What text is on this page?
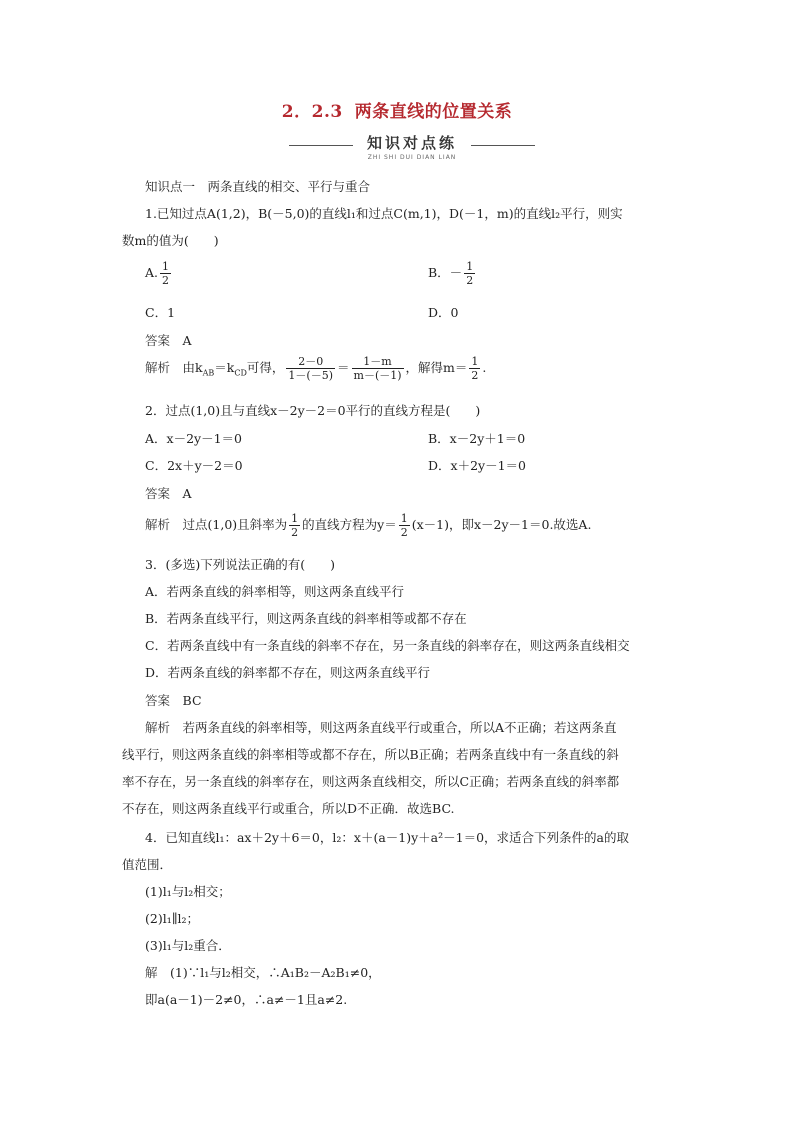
2．2.3 两条直线的位置关系
知识对点练
ZHI SHI DUI DIAN LIAN
知识点一　两条直线的相交、平行与重合
1.已知过点A(1,2)，B(－5,0)的直线l₁和过点C(m,1)，D(－1，m)的直线l₂平行，则实
数m的值为(　　)
A. $\frac{1}{2}$	B．－ $\frac{1}{2}$
C．1	D．0
答案　 A
解析　 由$k_{AB}=k_{CD}$可得， $\frac{2-0}{1-(-5)} = \frac{1-m}{m-(-1)}$ ，解得$m= \frac{1}{2}$ .
2．过点(1,0)且与直线x－2y－2＝0平行的直线方程是(　　)
A．x－2y－1＝0	B．x－2y＋1＝0
C．2x＋y－2＝0	D．x＋2y－1＝0
答案　 A
解析　 过点(1,0)且斜率为 $\frac{1}{2}$ 的直线方程为$y= \frac{1}{2} (x-1)$，即x－2y－1＝0.故选A.
3．(多选)下列说法正确的有(　　)
A．若两条直线的斜率相等，则这两条直线平行
B．若两条直线平行，则这两条直线的斜率相等或都不存在
C．若两条直线中有一条直线的斜率不存在，另一条直线的斜率存在，则这两条直线相交
D．若两条直线的斜率都不存在，则这两条直线平行
答案　 BC
解析　 若两条直线的斜率相等，则这两条直线平行或重合，所以A不正确；若这两条直
线平行，则这两条直线的斜率相等或都不存在，所以B正确；若两条直线中有一条直线的斜
率不存在，另一条直线的斜率存在，则这两条直线相交，所以C正确；若两条直线的斜率都
不存在，则这两条直线平行或重合，所以D不正确．故选BC.
4．已知直线l₁：ax＋2y＋6＝0，l₂：x＋(a－1)y＋a²－1＝0，求适合下列条件的a的取
值范围．
(1)l₁与l₂相交；
(2)l₁∥l₂；
(3)l₁与l₂重合．
解　 (1)∵l₁与l₂相交，∴A₁B₂－A₂B₁≠0，
即a(a－1)－2≠0，∴a≠－1且a≠2.
